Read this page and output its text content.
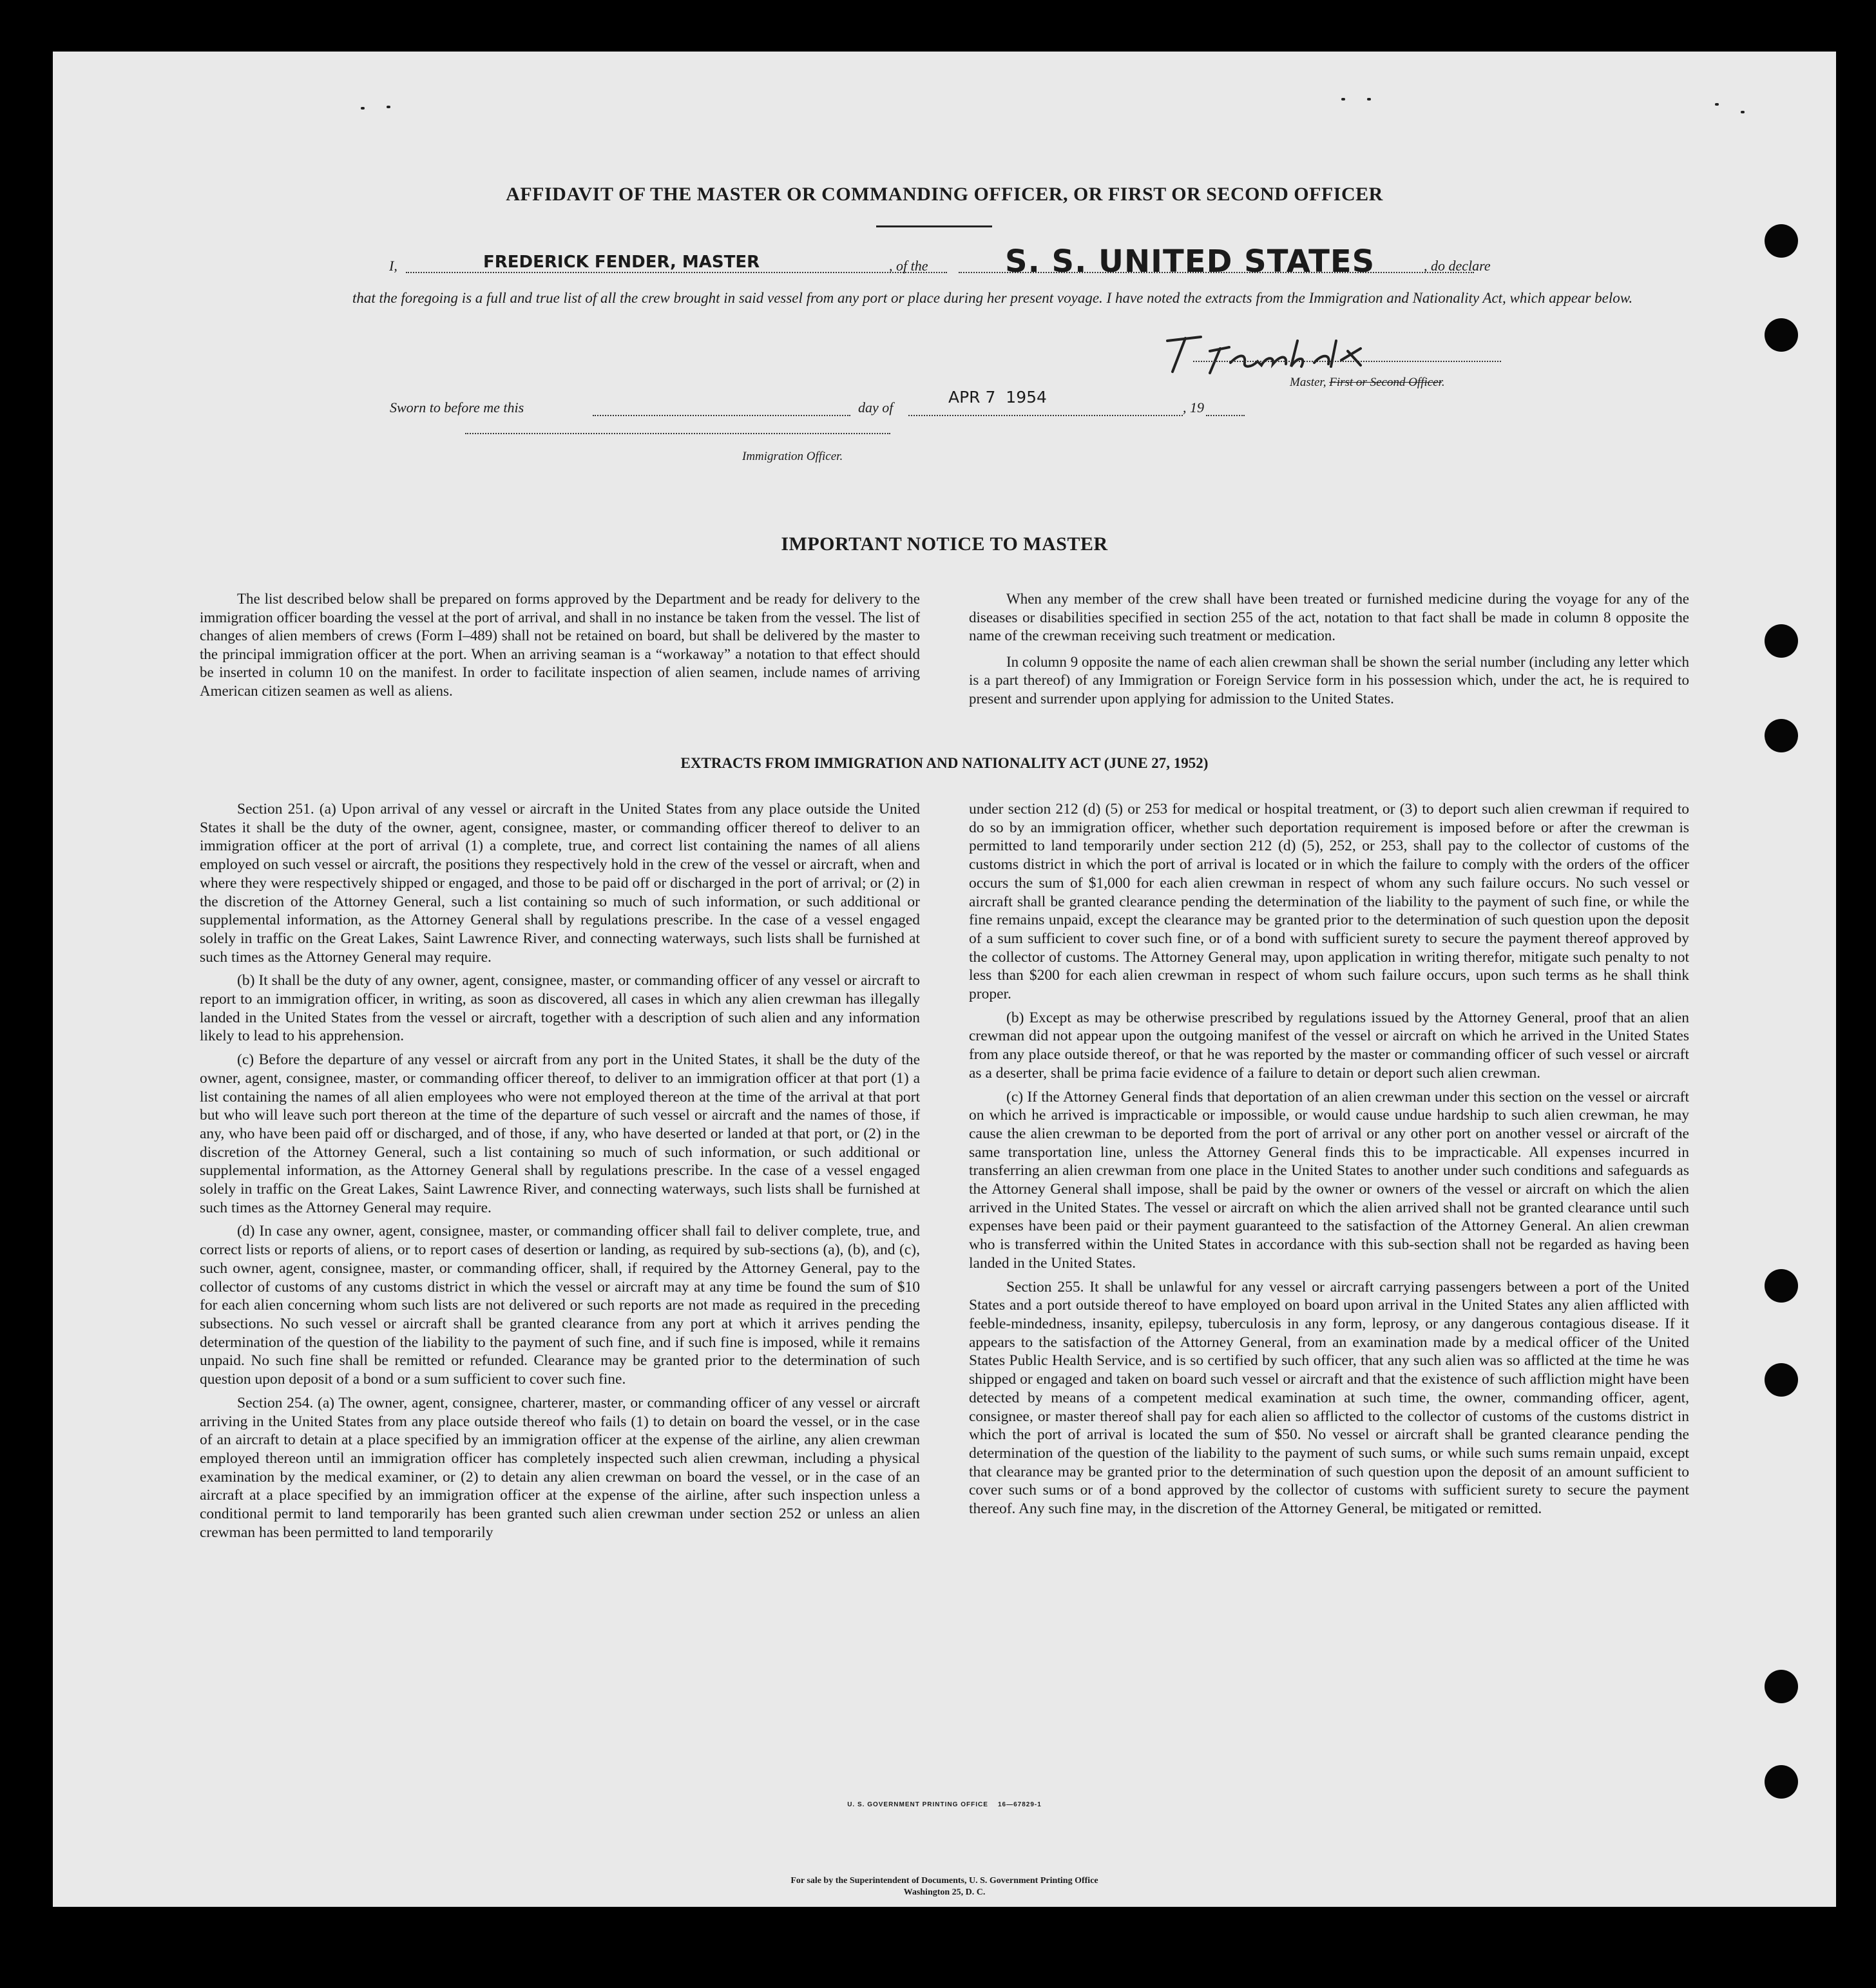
AFFIDAVIT OF THE MASTER OR COMMANDING OFFICER, OR FIRST OR SECOND OFFICER
I,	FREDERICK FENDER, MASTER	, of the S. S. UNITED STATES	, do declare
that the foregoing is a full and true list of all the crew brought in said vessel from any port or place during her present voyage. I have noted the extracts from the Immigration and Nationality Act, which appear below.
Master, First or Second Officer.
Sworn to before me this	day of
APR 7  1954
, 19
Immigration Officer.
IMPORTANT NOTICE TO MASTER

The list described below shall be prepared on forms approved by the Department and be ready for delivery to the immigration officer boarding the vessel at the port of arrival, and shall in no instance be taken from the vessel. The list of changes of alien members of crews (Form I–489) shall not be retained on board, but shall be delivered by the master to the principal immigration officer at the port. When an arriving seaman is a “workaway” a notation to that effect should be inserted in column 10 on the manifest. In order to facilitate inspection of alien seamen, include names of arriving American citizen seamen as well as aliens.

When any member of the crew shall have been treated or furnished medicine during the voyage for any of the diseases or disabilities specified in section 255 of the act, notation to that fact shall be made in column 8 opposite the name of the crewman receiving such treatment or medication.

In column 9 opposite the name of each alien crewman shall be shown the serial number (including any letter which is a part thereof) of any Immigration or Foreign Service form in his possession which, under the act, he is required to present and surrender upon applying for admission to the United States.

EXTRACTS FROM IMMIGRATION AND NATIONALITY ACT (JUNE 27, 1952)

Section 251. (a) Upon arrival of any vessel or aircraft in the United States from any place outside the United States it shall be the duty of the owner, agent, consignee, master, or commanding officer thereof to deliver to an immigration officer at the port of arrival (1) a complete, true, and correct list containing the names of all aliens employed on such vessel or aircraft, the positions they respectively hold in the crew of the vessel or aircraft, when and where they were respectively shipped or engaged, and those to be paid off or discharged in the port of arrival; or (2) in the discretion of the Attorney General, such a list containing so much of such information, or such additional or supplemental information, as the Attorney General shall by regulations prescribe. In the case of a vessel engaged solely in traffic on the Great Lakes, Saint Lawrence River, and connecting waterways, such lists shall be furnished at such times as the Attorney General may require.

(b) It shall be the duty of any owner, agent, consignee, master, or commanding officer of any vessel or aircraft to report to an immigration officer, in writing, as soon as discovered, all cases in which any alien crewman has illegally landed in the United States from the vessel or aircraft, together with a description of such alien and any information likely to lead to his apprehension.

(c) Before the departure of any vessel or aircraft from any port in the United States, it shall be the duty of the owner, agent, consignee, master, or commanding officer thereof, to deliver to an immigration officer at that port (1) a list containing the names of all alien employees who were not employed thereon at the time of the arrival at that port but who will leave such port thereon at the time of the departure of such vessel or aircraft and the names of those, if any, who have been paid off or discharged, and of those, if any, who have deserted or landed at that port, or (2) in the discretion of the Attorney General, such a list containing so much of such information, or such additional or supplemental information, as the Attorney General shall by regulations prescribe. In the case of a vessel engaged solely in traffic on the Great Lakes, Saint Lawrence River, and connecting waterways, such lists shall be furnished at such times as the Attorney General may require.

(d) In case any owner, agent, consignee, master, or commanding officer shall fail to deliver complete, true, and correct lists or reports of aliens, or to report cases of desertion or landing, as required by sub-sections (a), (b), and (c), such owner, agent, consignee, master, or commanding officer, shall, if required by the Attorney General, pay to the collector of customs of any customs district in which the vessel or aircraft may at any time be found the sum of $10 for each alien concerning whom such lists are not delivered or such reports are not made as required in the preceding subsections. No such vessel or aircraft shall be granted clearance from any port at which it arrives pending the determination of the question of the liability to the payment of such fine, and if such fine is imposed, while it remains unpaid. No such fine shall be remitted or refunded. Clearance may be granted prior to the determination of such question upon deposit of a bond or a sum sufficient to cover such fine.

Section 254. (a) The owner, agent, consignee, charterer, master, or commanding officer of any vessel or aircraft arriving in the United States from any place outside thereof who fails (1) to detain on board the vessel, or in the case of an aircraft to detain at a place specified by an immigration officer at the expense of the airline, any alien crewman employed thereon until an immigration officer has completely inspected such alien crewman, including a physical examination by the medical examiner, or (2) to detain any alien crewman on board the vessel, or in the case of an aircraft at a place specified by an immigration officer at the expense of the airline, after such inspection unless a conditional permit to land temporarily has been granted such alien crewman under section 252 or unless an alien crewman has been permitted to land temporarily

under section 212 (d) (5) or 253 for medical or hospital treatment, or (3) to deport such alien crewman if required to do so by an immigration officer, whether such deportation requirement is imposed before or after the crewman is permitted to land temporarily under section 212 (d) (5), 252, or 253, shall pay to the collector of customs of the customs district in which the port of arrival is located or in which the failure to comply with the orders of the officer occurs the sum of $1,000 for each alien crewman in respect of whom any such failure occurs. No such vessel or aircraft shall be granted clearance pending the determination of the liability to the payment of such fine, or while the fine remains unpaid, except the clearance may be granted prior to the determination of such question upon the deposit of a sum sufficient to cover such fine, or of a bond with sufficient surety to secure the payment thereof approved by the collector of customs. The Attorney General may, upon application in writing therefor, mitigate such penalty to not less than $200 for each alien crewman in respect of whom such failure occurs, upon such terms as he shall think proper.

(b) Except as may be otherwise prescribed by regulations issued by the Attorney General, proof that an alien crewman did not appear upon the outgoing manifest of the vessel or aircraft on which he arrived in the United States from any place outside thereof, or that he was reported by the master or commanding officer of such vessel or aircraft as a deserter, shall be prima facie evidence of a failure to detain or deport such alien crewman.

(c) If the Attorney General finds that deportation of an alien crewman under this section on the vessel or aircraft on which he arrived is impracticable or impossible, or would cause undue hardship to such alien crewman, he may cause the alien crewman to be deported from the port of arrival or any other port on another vessel or aircraft of the same transportation line, unless the Attorney General finds this to be impracticable. All expenses incurred in transferring an alien crewman from one place in the United States to another under such conditions and safeguards as the Attorney General shall impose, shall be paid by the owner or owners of the vessel or aircraft on which the alien arrived in the United States. The vessel or aircraft on which the alien arrived shall not be granted clearance until such expenses have been paid or their payment guaranteed to the satisfaction of the Attorney General. An alien crewman who is transferred within the United States in accordance with this sub-section shall not be regarded as having been landed in the United States.

Section 255. It shall be unlawful for any vessel or aircraft carrying passengers between a port of the United States and a port outside thereof to have employed on board upon arrival in the United States any alien afflicted with feeble-mindedness, insanity, epilepsy, tuberculosis in any form, leprosy, or any dangerous contagious disease. If it appears to the satisfaction of the Attorney General, from an examination made by a medical officer of the United States Public Health Service, and is so certified by such officer, that any such alien was so afflicted at the time he was shipped or engaged and taken on board such vessel or aircraft and that the existence of such affliction might have been detected by means of a competent medical examination at such time, the owner, commanding officer, agent, consignee, or master thereof shall pay for each alien so afflicted to the collector of customs of the customs district in which the port of arrival is located the sum of $50. No vessel or aircraft shall be granted clearance pending the determination of the question of the liability to the payment of such sums, or while such sums remain unpaid, except that clearance may be granted prior to the determination of such question upon the deposit of an amount sufficient to cover such sums or of a bond approved by the collector of customs with sufficient surety to secure the payment thereof. Any such fine may, in the discretion of the Attorney General, be mitigated or remitted.

U. S. GOVERNMENT PRINTING OFFICE    16—67829-1
For sale by the Superintendent of Documents, U. S. Government Printing Office
Washington 25, D. C.
